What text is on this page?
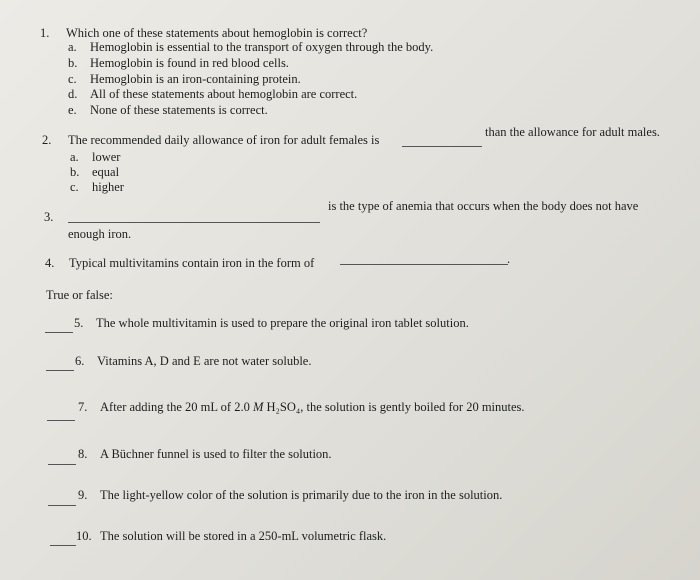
1. Which one of these statements about hemoglobin is correct?
a. Hemoglobin is essential to the transport of oxygen through the body.
b. Hemoglobin is found in red blood cells.
c. Hemoglobin is an iron-containing protein.
d. All of these statements about hemoglobin are correct.
e. None of these statements is correct.
2. The recommended daily allowance of iron for adult females is
than the allowance for adult males.
a. lower
b. equal
c. higher
3.
is the type of anemia that occurs when the body does not have
enough iron.
4. Typical multivitamins contain iron in the form of	.
True or false:
5. The whole multivitamin is used to prepare the original iron tablet solution.
6. Vitamins A, D and E are not water soluble.
7. After adding the 20 mL of 2.0 M H₂SO₄, the solution is gently boiled for 20 minutes.
8. A Büchner funnel is used to filter the solution.
9. The light-yellow color of the solution is primarily due to the iron in the solution.
10. The solution will be stored in a 250-mL volumetric flask.
